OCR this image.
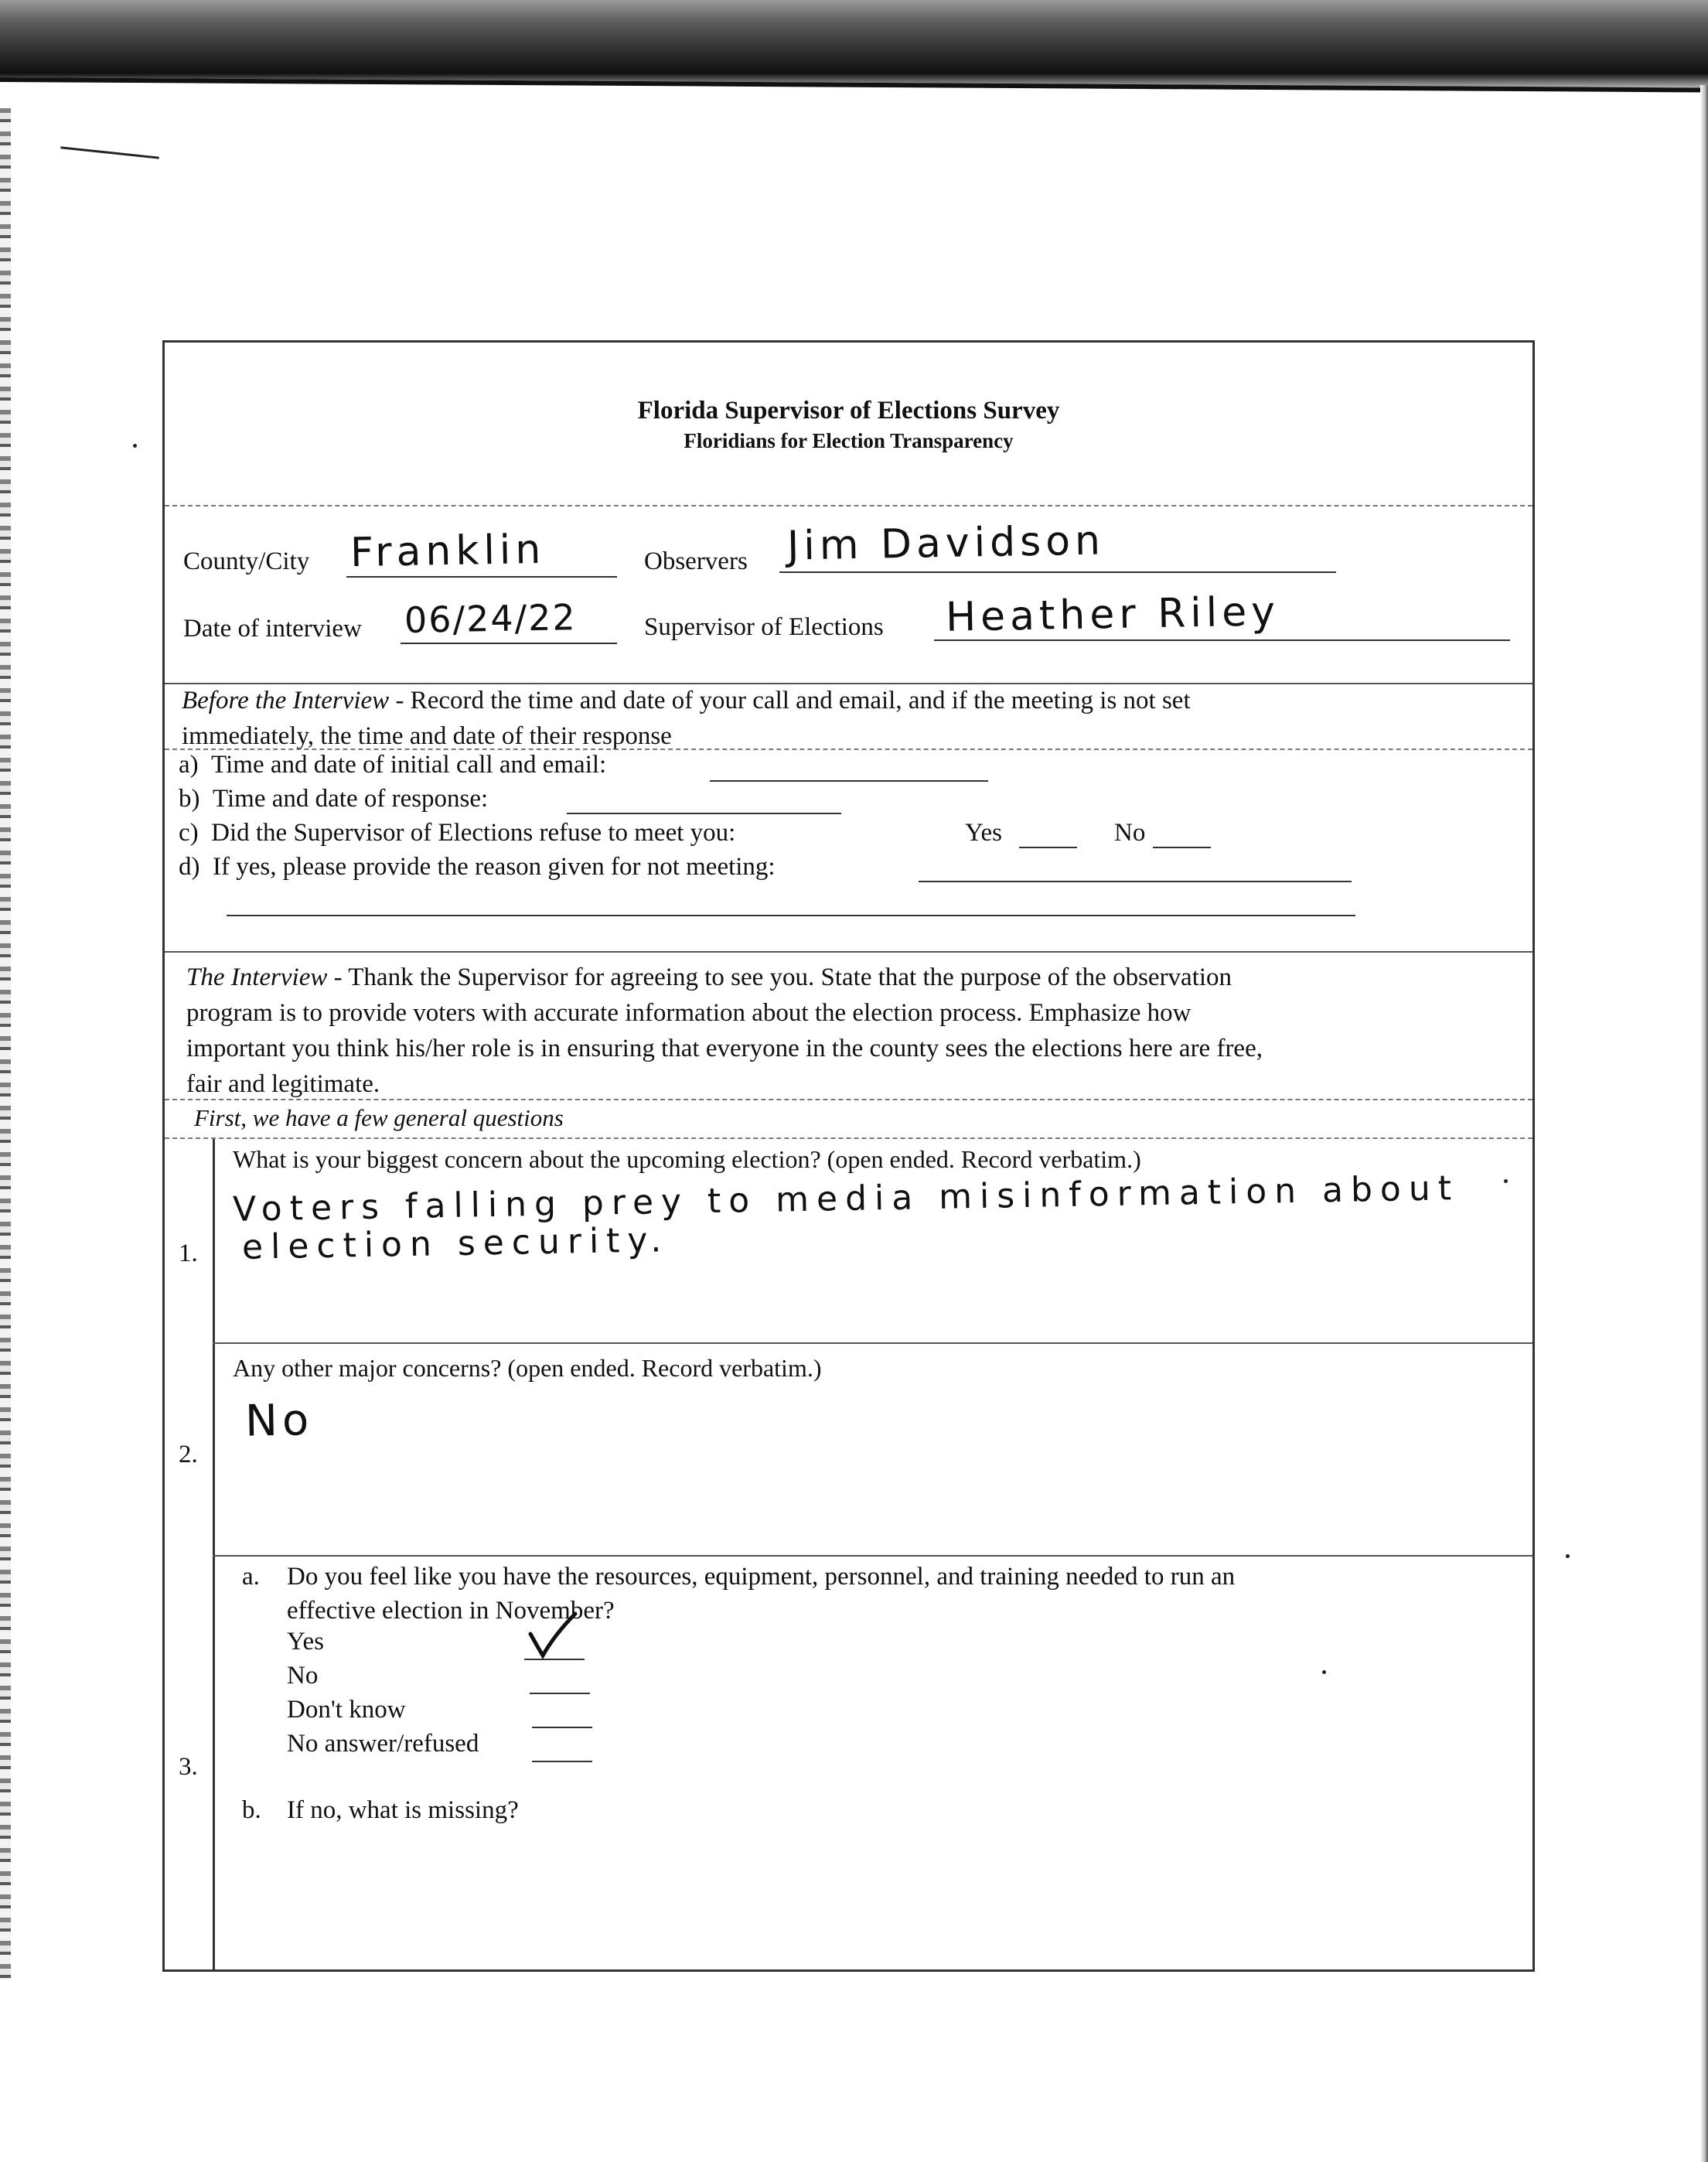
Florida Supervisor of Elections Survey
Floridians for Election Transparency
County/City Franklin	Observers Jim Davidson
Date of interview 06/24/22	Supervisor of Elections Heather Riley
Before the Interview - Record the time and date of your call and email, and if the meeting is not set
immediately, the time and date of their response
a) Time and date of initial call and email:
b) Time and date of response:
c) Did the Supervisor of Elections refuse to meet you:	Yes	No
d) If yes, please provide the reason given for not meeting:
The Interview - Thank the Supervisor for agreeing to see you. State that the purpose of the observation
program is to provide voters with accurate information about the election process. Emphasize how
important you think his/her role is in ensuring that everyone in the county sees the elections here are free,
fair and legitimate.
First, we have a few general questions
What is your biggest concern about the upcoming election? (open ended. Record verbatim.)
Voters falling prey to media misinformation about
election security.
1.
Any other major concerns? (open ended. Record verbatim.)
No
2.
a. Do you feel like you have the resources, equipment, personnel, and training needed to run an
effective election in November?
Yes
No
Don't know
No answer/refused
3.
b. If no, what is missing?
